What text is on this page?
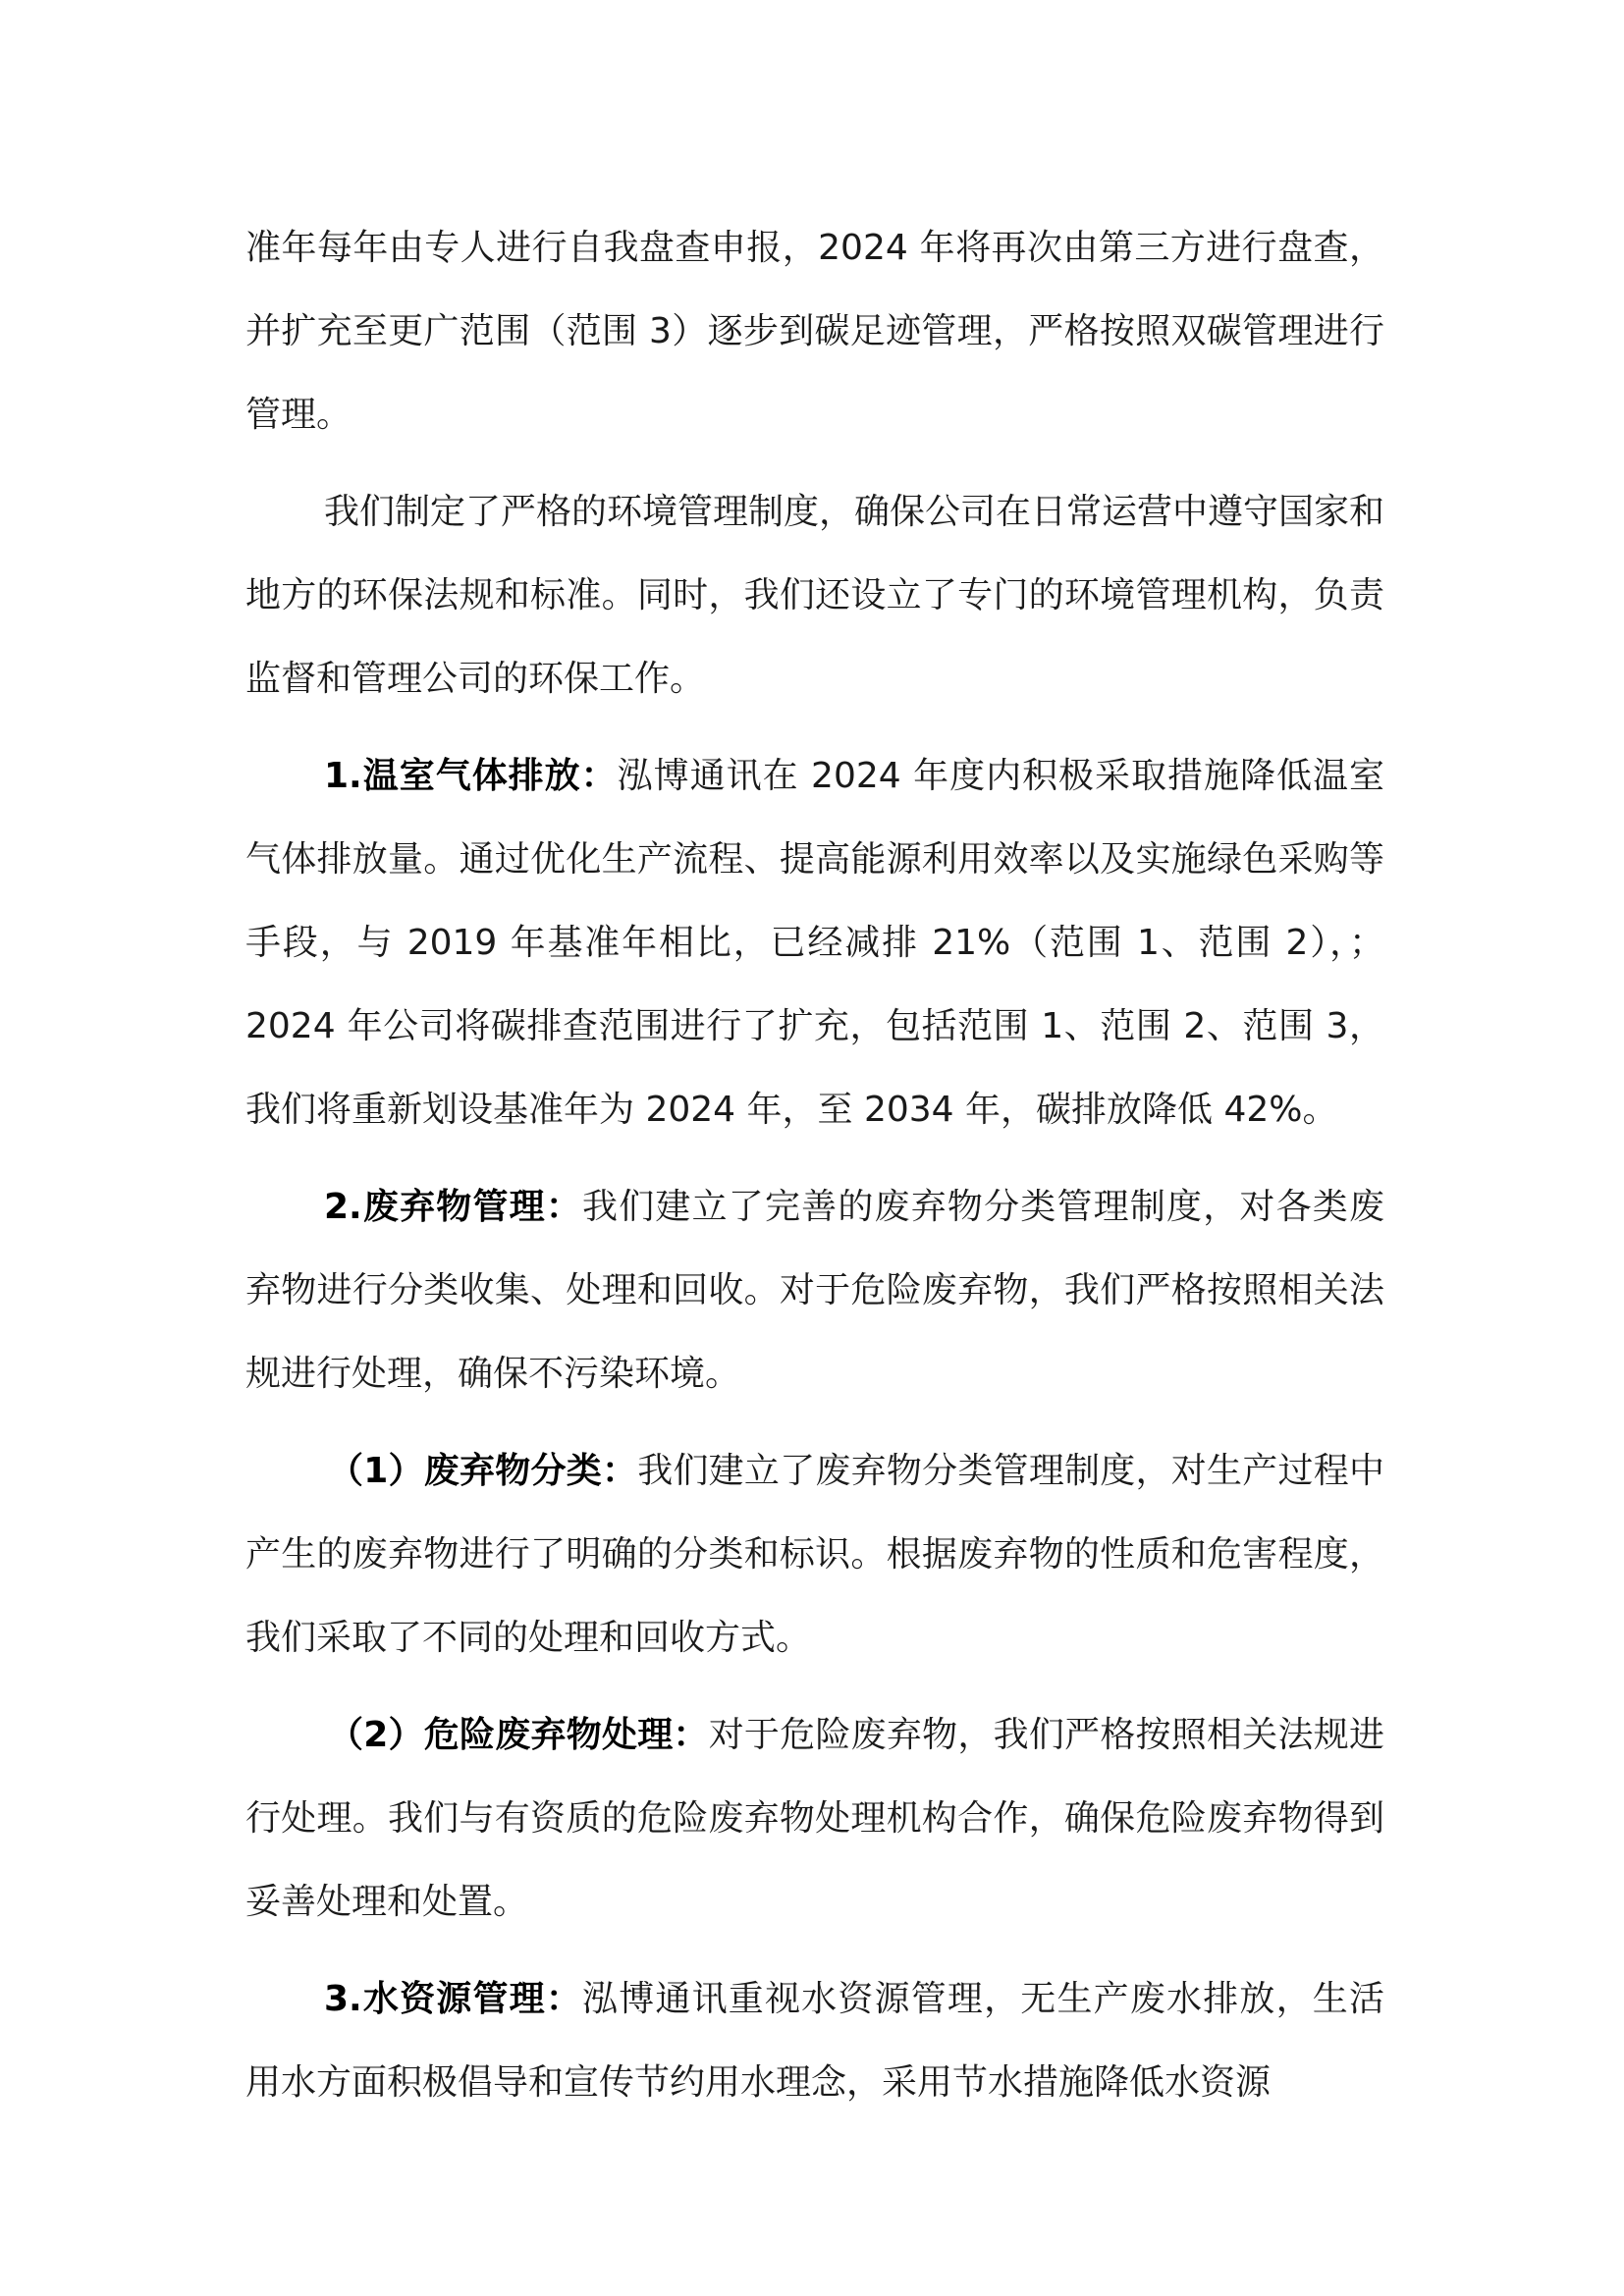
准年每年由专人进行自我盘查申报，2024 年将再次由第三方进行盘查，并扩充至更广范围（范围 3）逐步到碳足迹管理，严格按照双碳管理进行管理。

我们制定了严格的环境管理制度，确保公司在日常运营中遵守国家和地方的环保法规和标准。同时，我们还设立了专门的环境管理机构，负责监督和管理公司的环保工作。

1.温室气体排放：泓博通讯在 2024 年度内积极采取措施降低温室气体排放量。通过优化生产流程、提高能源利用效率以及实施绿色采购等手段，与 2019 年基准年相比，已经减排 21%（范围 1、范围 2），；2024 年公司将碳排查范围进行了扩充，包括范围 1、范围 2、范围 3，我们将重新划设基准年为 2024 年，至 2034 年，碳排放降低 42%。

2.废弃物管理：我们建立了完善的废弃物分类管理制度，对各类废弃物进行分类收集、处理和回收。对于危险废弃物，我们严格按照相关法规进行处理，确保不污染环境。

（1）废弃物分类：我们建立了废弃物分类管理制度，对生产过程中产生的废弃物进行了明确的分类和标识。根据废弃物的性质和危害程度，我们采取了不同的处理和回收方式。

（2）危险废弃物处理：对于危险废弃物，我们严格按照相关法规进行处理。我们与有资质的危险废弃物处理机构合作，确保危险废弃物得到妥善处理和处置。

3.水资源管理：泓博通讯重视水资源管理，无生产废水排放，生活用水方面积极倡导和宣传节约用水理念，采用节水措施降低水资源
